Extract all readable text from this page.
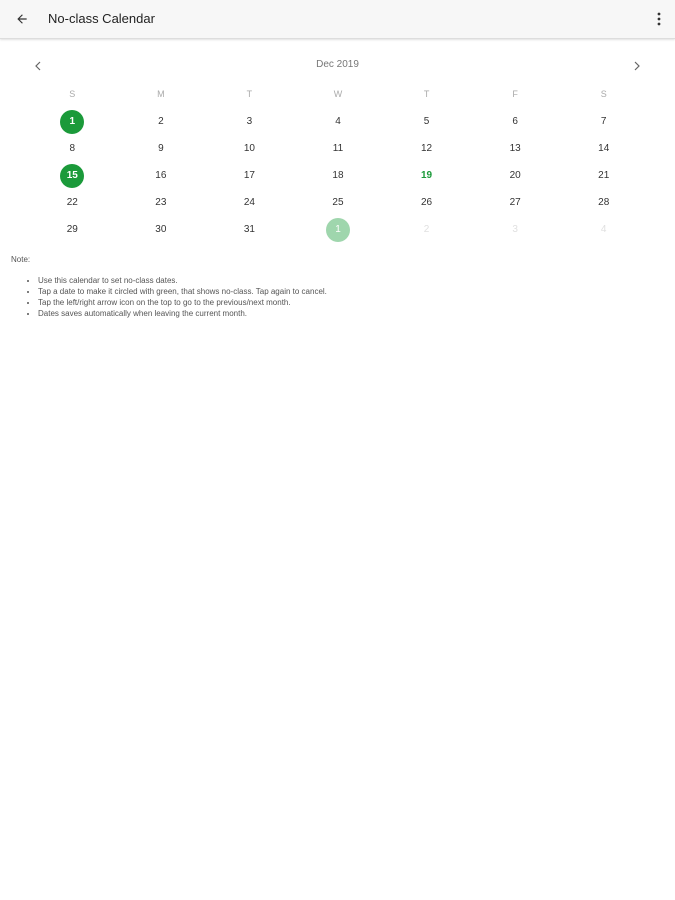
No-class Calendar
Dec 2019
S	M	T	W	T	F	S
1	2	3	4	5	6	7
8	9	10	11	12	13	14
15	16	17	18	19	20	21
22	23	24	25	26	27	28
29	30	31	1	2	3	4
Note:
• Use this calendar to set no-class dates.
• Tap a date to make it circled with green, that shows no-class. Tap again to cancel.
• Tap the left/right arrow icon on the top to go to the previous/next month.
• Dates saves automatically when leaving the current month.
